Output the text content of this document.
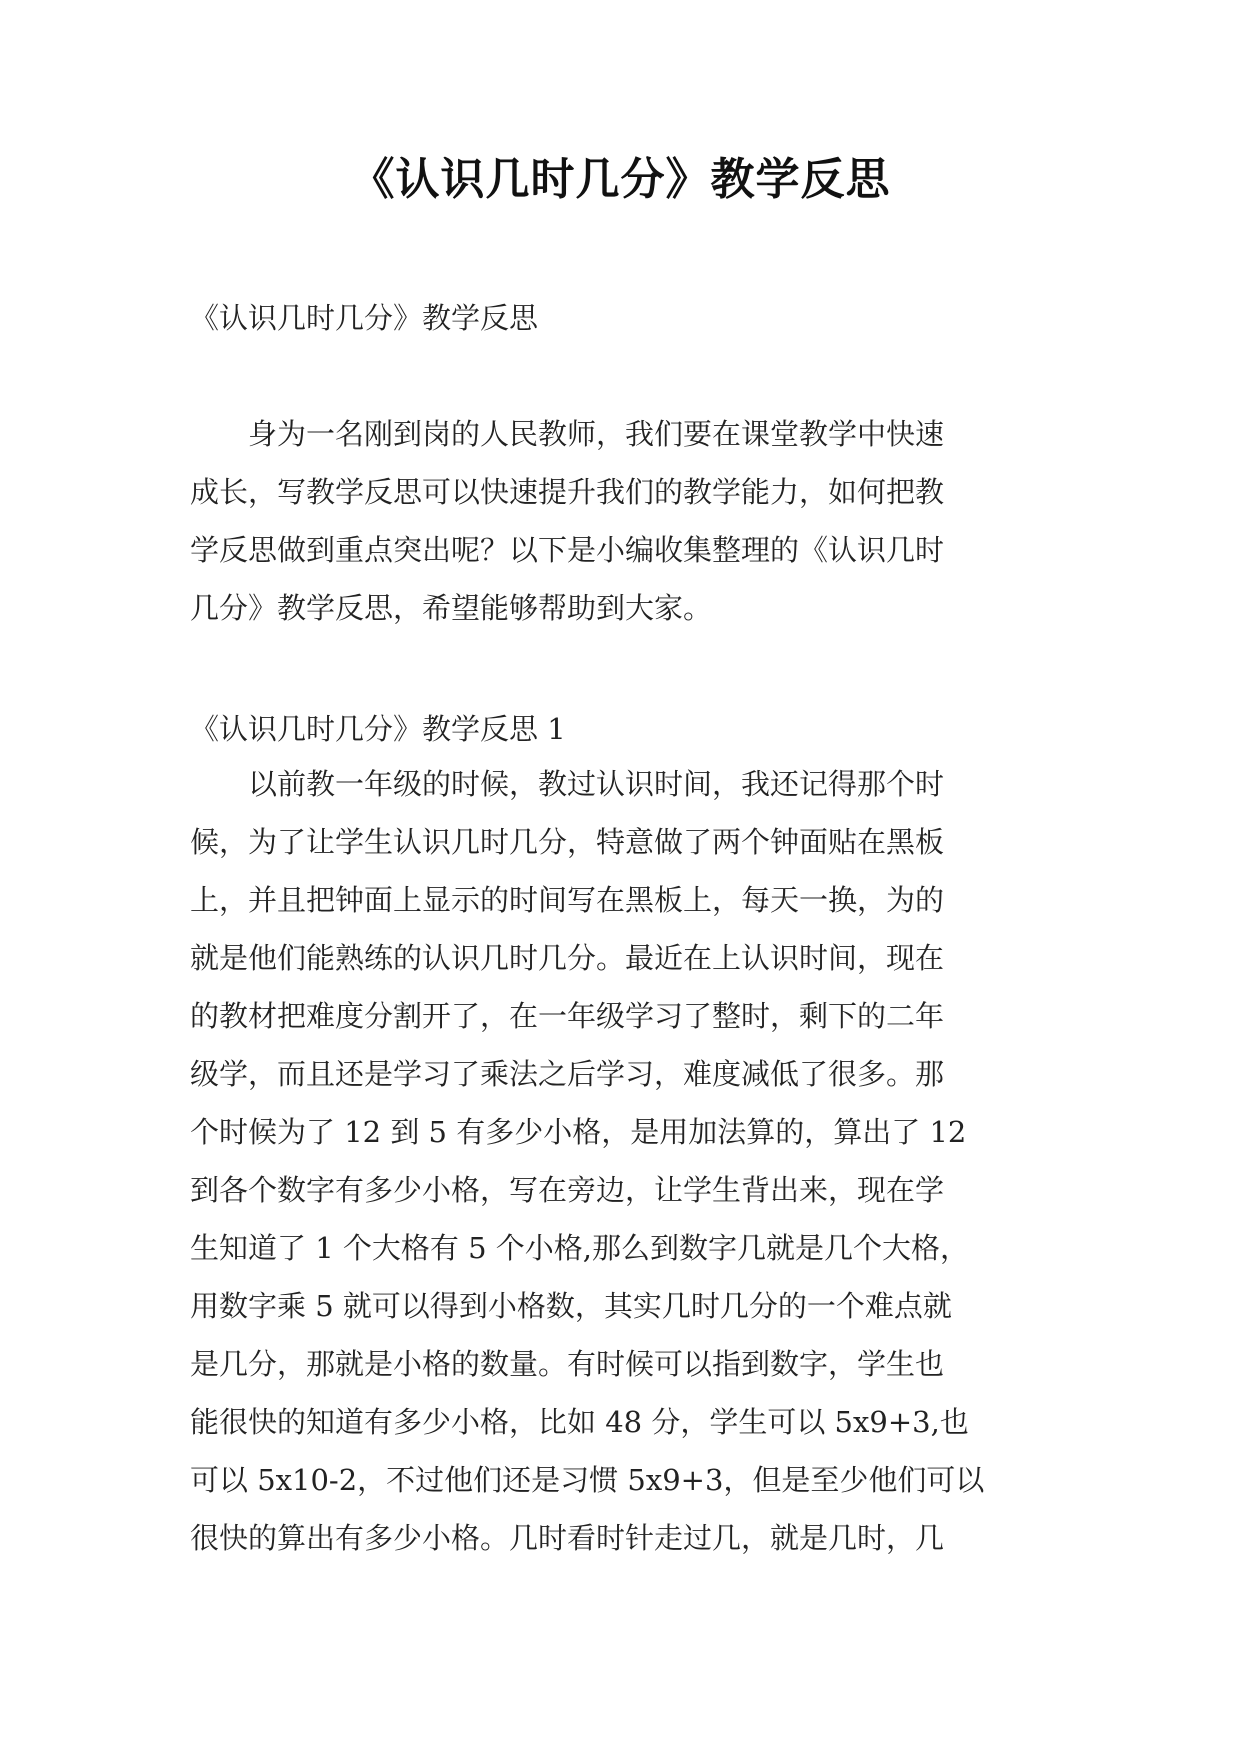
《认识几时几分》教学反思
《认识几时几分》教学反思
　　身为一名刚到岗的人民教师，我们要在课堂教学中快速
成长，写教学反思可以快速提升我们的教学能力，如何把教
学反思做到重点突出呢？以下是小编收集整理的《认识几时
几分》教学反思，希望能够帮助到大家。
《认识几时几分》教学反思 1
　　以前教一年级的时候，教过认识时间，我还记得那个时
候，为了让学生认识几时几分，特意做了两个钟面贴在黑板
上，并且把钟面上显示的时间写在黑板上，每天一换，为的
就是他们能熟练的认识几时几分。最近在上认识时间，现在
的教材把难度分割开了，在一年级学习了整时，剩下的二年
级学，而且还是学习了乘法之后学习，难度减低了很多。那
个时候为了 12 到 5 有多少小格，是用加法算的，算出了 12
到各个数字有多少小格，写在旁边，让学生背出来，现在学
生知道了 1 个大格有 5 个小格,那么到数字几就是几个大格，
用数字乘 5 就可以得到小格数，其实几时几分的一个难点就
是几分，那就是小格的数量。有时候可以指到数字，学生也
能很快的知道有多少小格，比如 48 分，学生可以 5x9+3,也
可以 5x10-2，不过他们还是习惯 5x9+3，但是至少他们可以
很快的算出有多少小格。几时看时针走过几，就是几时，几
